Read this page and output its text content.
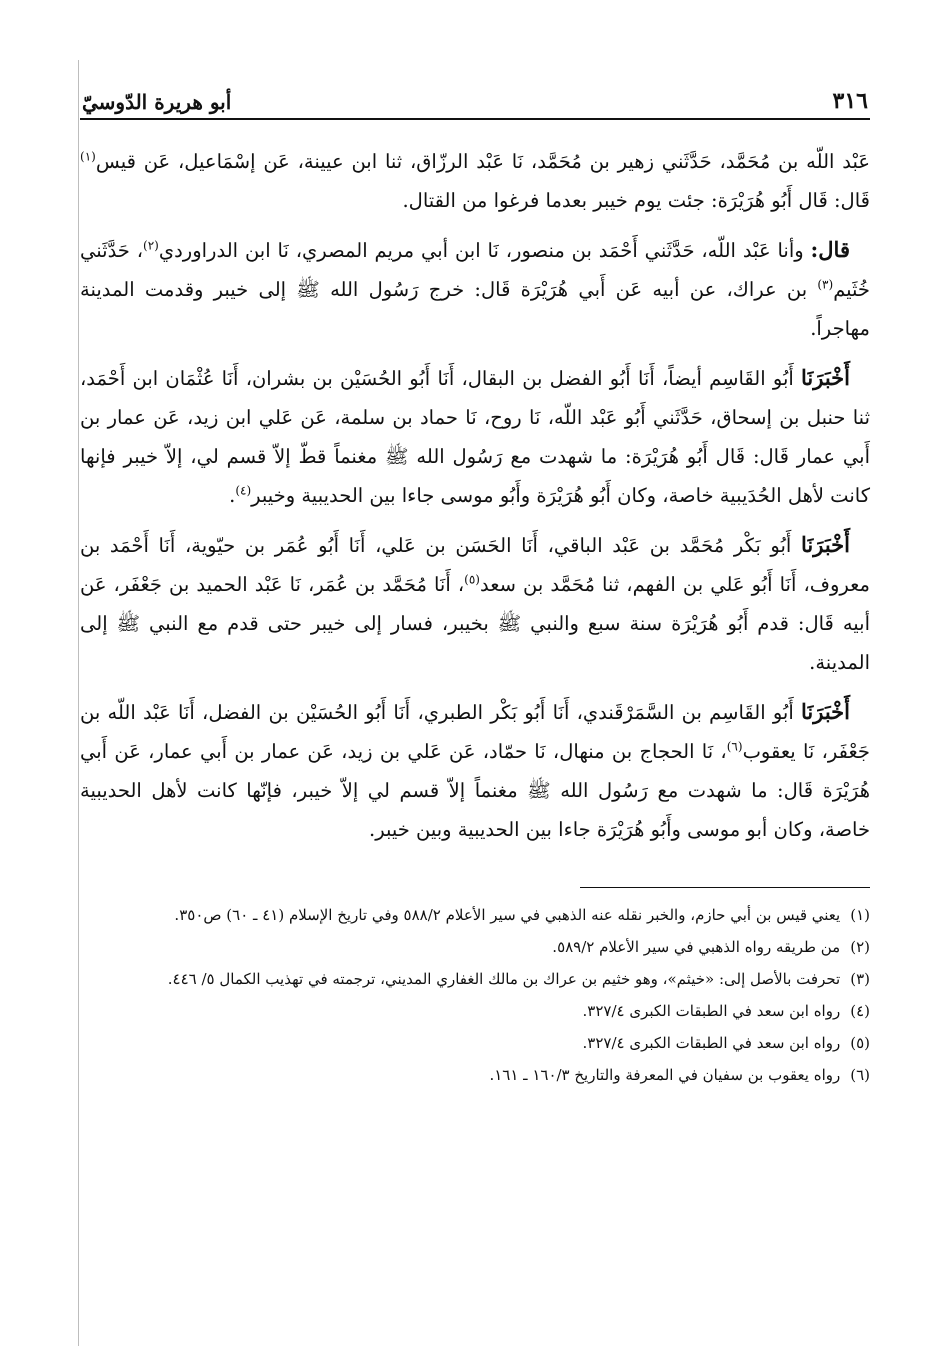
٣١٦
أبو هريرة الدّوسيّ

عَبْد اللّه بن مُحَمَّد، حَدَّثَني زهير بن مُحَمَّد، نَا عَبْد الرزّاق، ثنا ابن عيينة، عَن إسْمَاعيل، عَن قيس$^{(١)}$ قَال: قَال أَبُو هُرَيْرَة: جئت يوم خيبر بعدما فرغوا من القتال.

قال: وأنا عَبْد اللّه، حَدَّثَني أَحْمَد بن منصور، نَا ابن أبي مريم المصري، نَا ابن الدراوردي$^{(٢)}$، حَدَّثَني خُثَيم$^{(٣)}$ بن عراك، عن أبيه عَن أَبي هُرَيْرَة قَال: خرج رَسُول الله ﷺ إلى خيبر وقدمت المدينة مهاجراً.

أَخْبَرَنَا أَبُو القَاسِم أيضاً، أَنَا أَبُو الفضل بن البقال، أَنَا أَبُو الحُسَيْن بن بشران، أَنَا عُثْمَان ابن أَحْمَد، ثنا حنبل بن إسحاق، حَدَّثَني أَبُو عَبْد اللّه، نَا روح، نَا حماد بن سلمة، عَن عَلي ابن زيد، عَن عمار بن أَبي عمار قَال: قَال أَبُو هُرَيْرَة: ما شهدت مع رَسُول الله ﷺ مغنماً قطّ إلاّ قسم لي، إلاّ خيبر فإنها كانت لأهل الحُدَيبية خاصة، وكان أَبُو هُرَيْرَة وأَبُو موسى جاءا بين الحديبية وخيبر$^{(٤)}$.

أَخْبَرَنَا أَبُو بَكْر مُحَمَّد بن عَبْد الباقي، أَنَا الحَسَن بن عَلي، أَنَا أَبُو عُمَر بن حيّوية، أَنَا أَحْمَد بن معروف، أَنَا أَبُو عَلي بن الفهم، ثنا مُحَمَّد بن سعد$^{(٥)}$، أَنَا مُحَمَّد بن عُمَر، نَا عَبْد الحميد بن جَعْفَر، عَن أبيه قَال: قدم أَبُو هُرَيْرَة سنة سبع والنبي ﷺ بخيبر، فسار إلى خيبر حتى قدم مع النبي ﷺ إلى المدينة.

أَخْبَرَنَا أَبُو القَاسِم بن السَّمَرْقَندي، أَنَا أَبُو بَكْر الطبري، أَنَا أَبُو الحُسَيْن بن الفضل، أَنَا عَبْد اللّه بن جَعْفَر، نَا يعقوب$^{(٦)}$، نَا الحجاج بن منهال، نَا حمّاد، عَن عَلي بن زيد، عَن عمار بن أَبي عمار، عَن أَبي هُرَيْرَة قَال: ما شهدت مع رَسُول الله ﷺ مغنماً إلاّ قسم لي إلاّ خيبر، فإنّها كانت لأهل الحديبية خاصة، وكان أبو موسى وأَبُو هُرَيْرَة جاءا بين الحديبية وبين خيبر.

(١)
يعني قيس بن أبي حازم، والخبر نقله عنه الذهبي في سير الأعلام ٥٨٨/٢ وفي تاريخ الإسلام (٤١ ـ ٦٠) ص٣٥٠.
(٢)
من طريقه رواه الذهبي في سير الأعلام ٥٨٩/٢.
(٣)
تحرفت بالأصل إلى: «خيثم»، وهو خثيم بن عراك بن مالك الغفاري المديني، ترجمته في تهذيب الكمال ٥/ ٤٤٦.
(٤)
رواه ابن سعد في الطبقات الكبرى ٣٢٧/٤.
(٥)
رواه ابن سعد في الطبقات الكبرى ٣٢٧/٤.
(٦)
رواه يعقوب بن سفيان في المعرفة والتاريخ ١٦٠/٣ ـ ١٦١.
